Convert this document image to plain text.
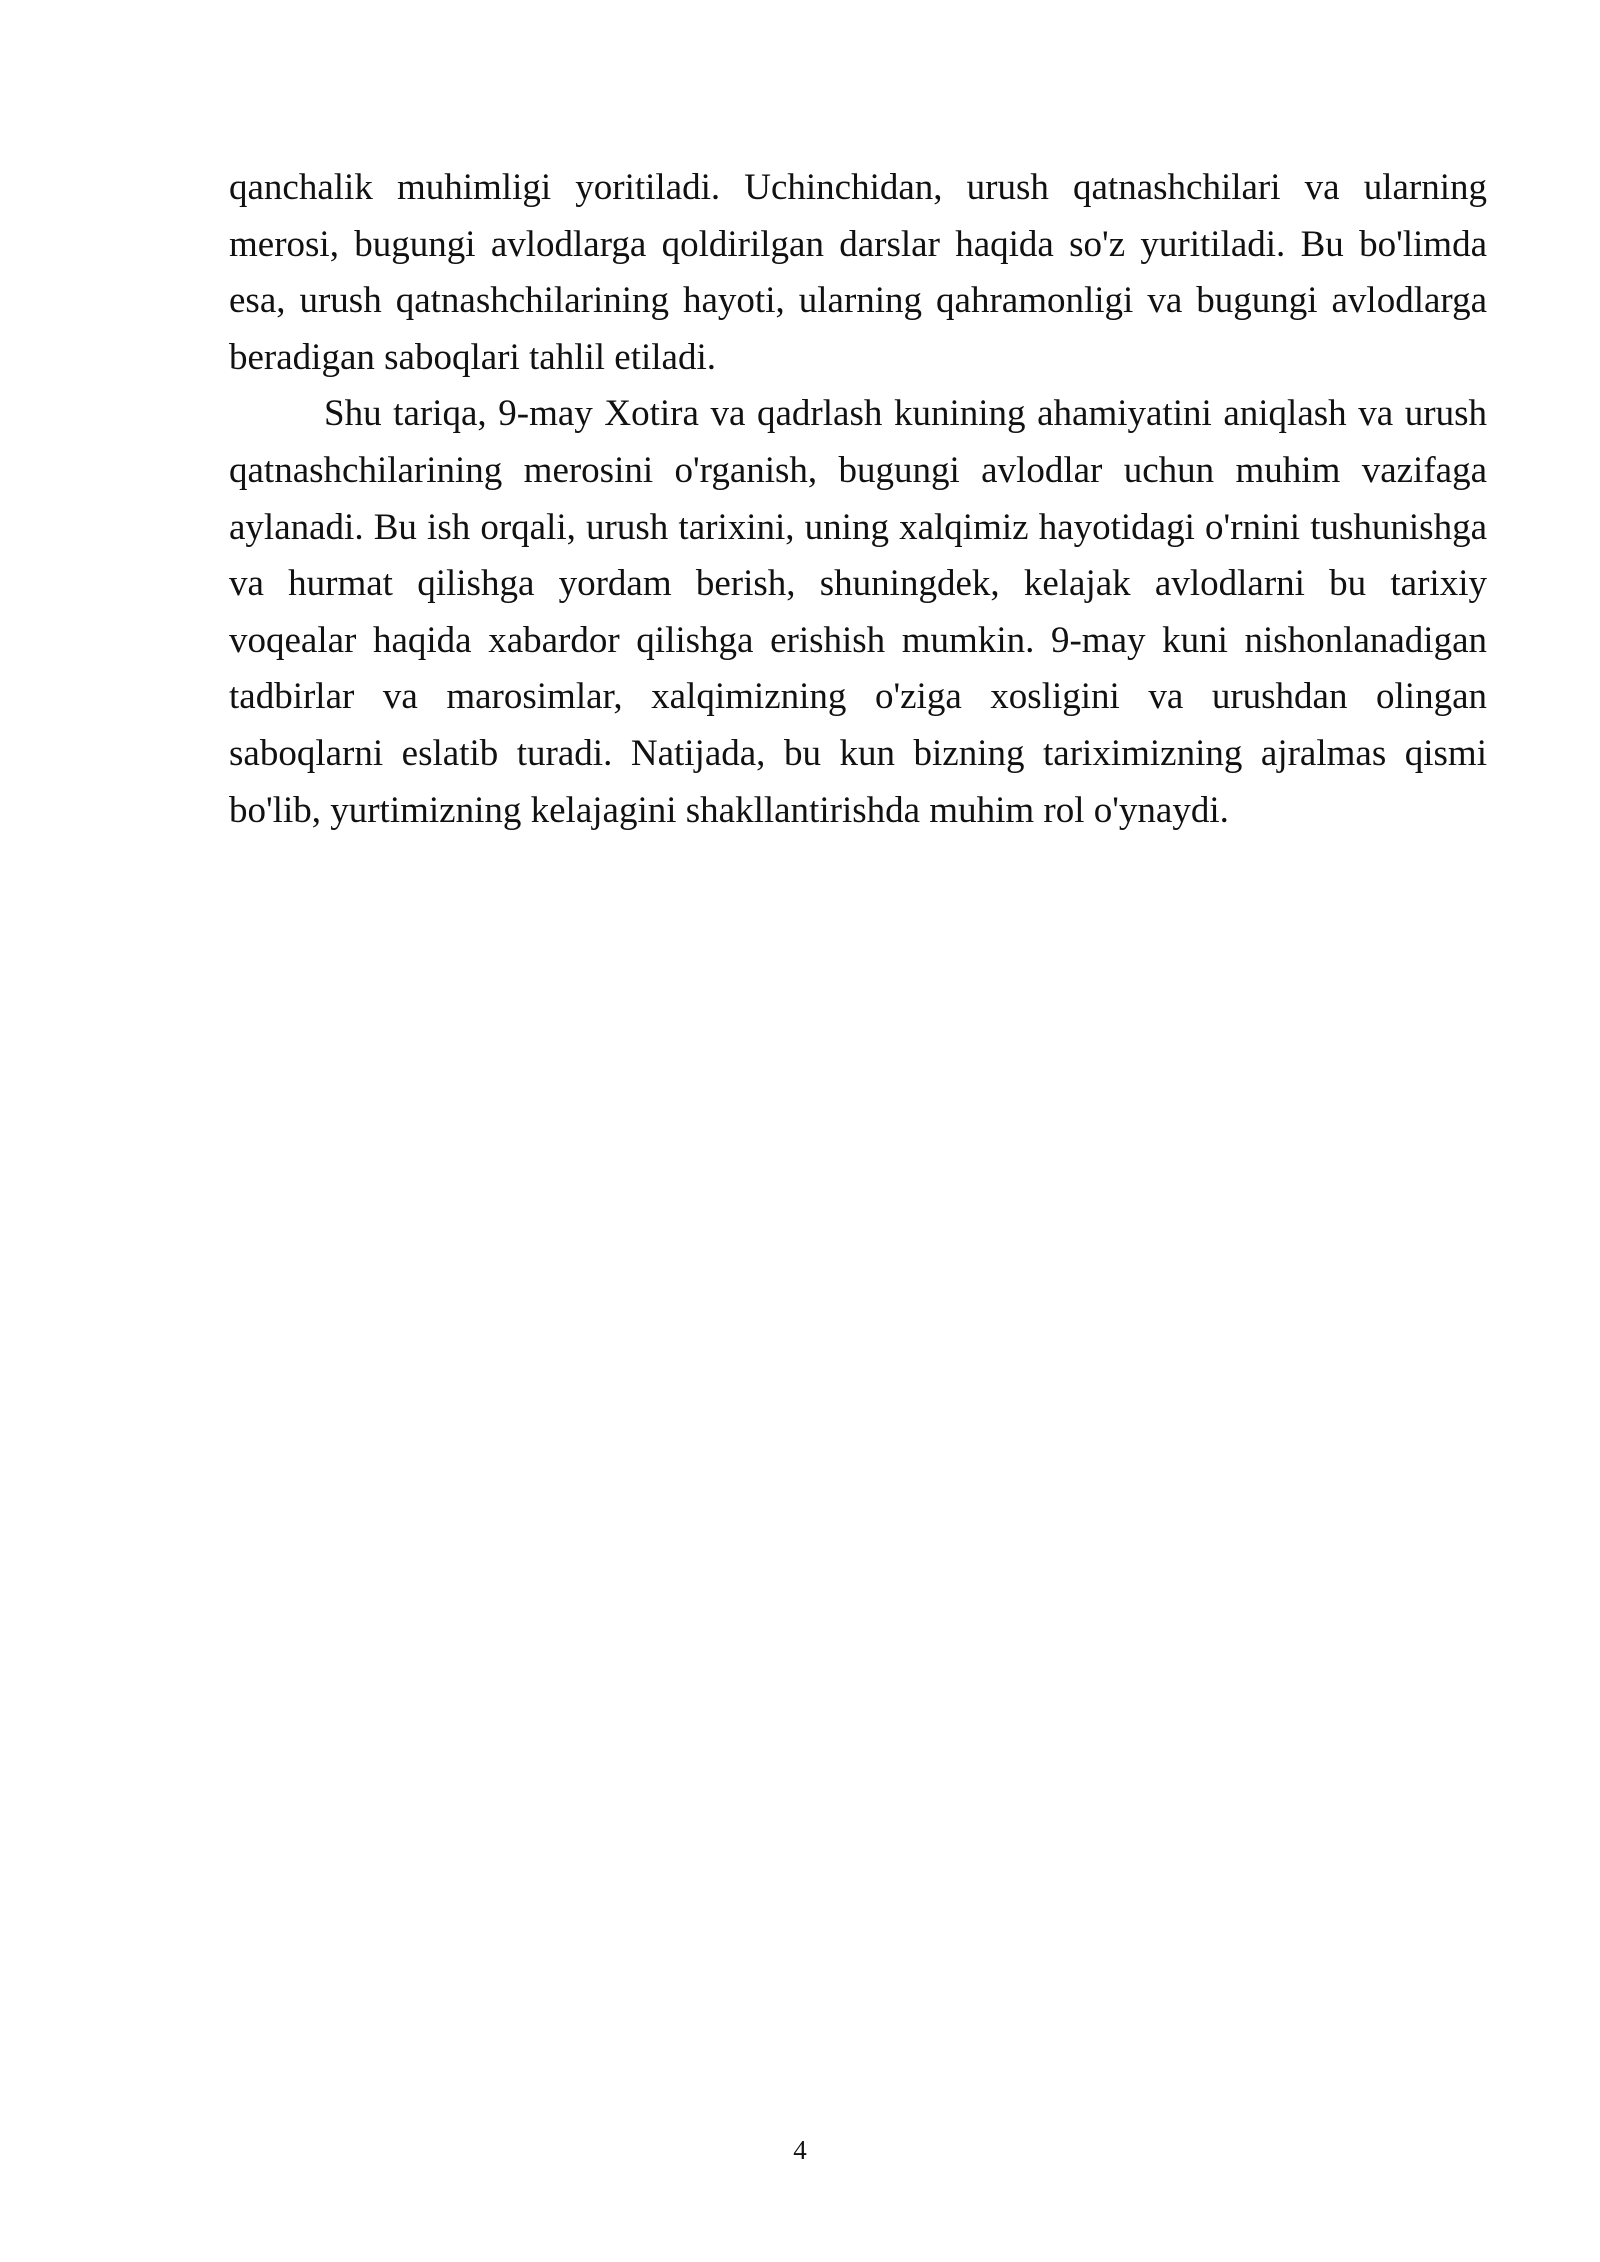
qanchalik muhimligi yoritiladi. Uchinchidan, urush qatnashchilari va ularning merosi, bugungi avlodlarga qoldirilgan darslar haqida so'z yuritiladi. Bu bo'limda esa, urush qatnashchilarining hayoti, ularning qahramonligi va bugungi avlodlarga beradigan saboqlari tahlil etiladi.

Shu tariqa, 9-may Xotira va qadrlash kunining ahamiyatini aniqlash va urush qatnashchilarining merosini o'rganish, bugungi avlodlar uchun muhim vazifaga aylanadi. Bu ish orqali, urush tarixini, uning xalqimiz hayotidagi o'rnini tushunishga va hurmat qilishga yordam berish, shuningdek, kelajak avlodlarni bu tarixiy voqealar haqida xabardor qilishga erishish mumkin. 9-may kuni nishonlanadigan tadbirlar va marosimlar, xalqimizning o'ziga xosligini va urushdan olingan saboqlarni eslatib turadi. Natijada, bu kun bizning tariximizning ajralmas qismi bo'lib, yurtimizning kelajagini shakllantirishda muhim rol o'ynaydi.

4
